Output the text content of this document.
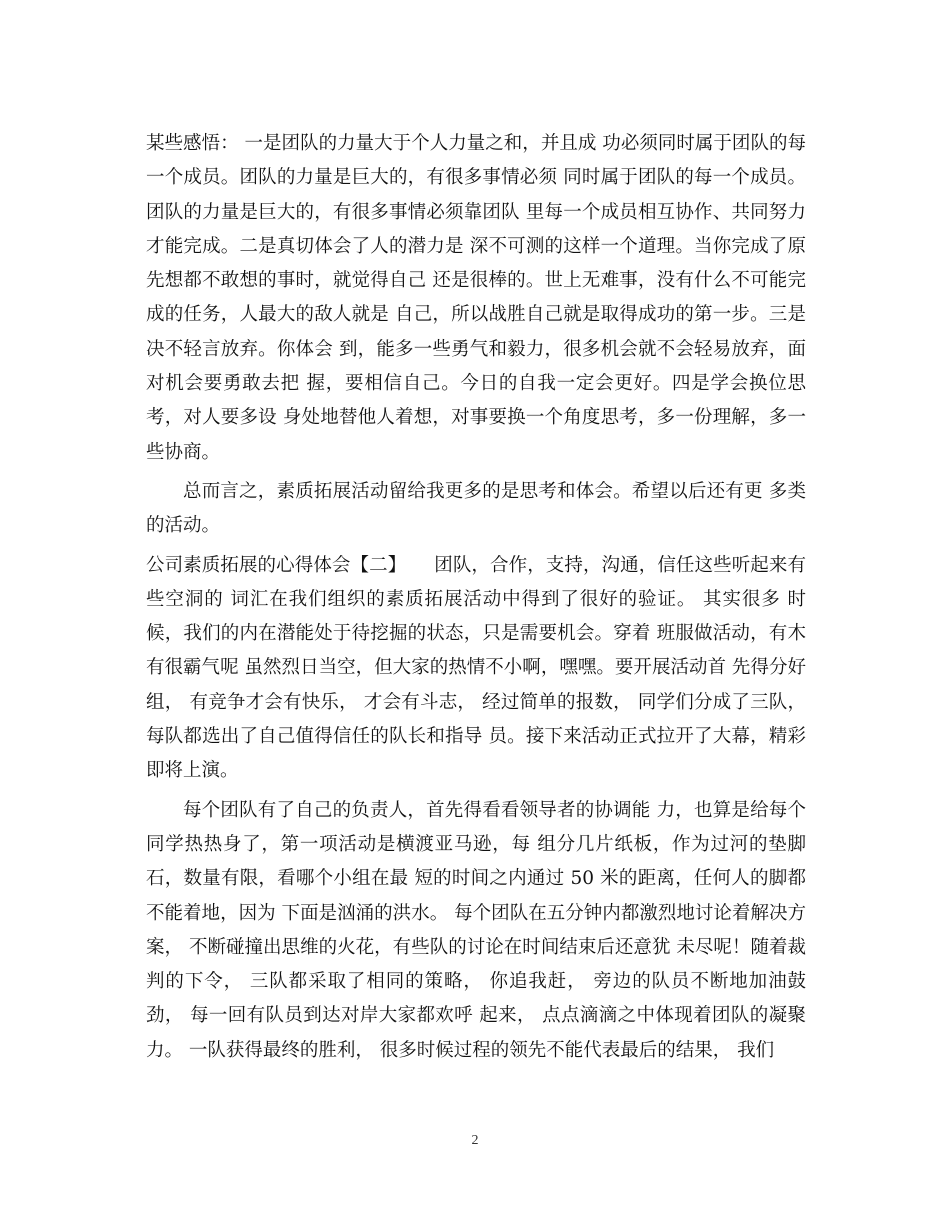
某些感悟： 一是团队的力量大于个人力量之和，并且成 功必须同时属于团队的每一个成员。团队的力量是巨大的，有很多事情必须 同时属于团队的每一个成员。团队的力量是巨大的，有很多事情必须靠团队 里每一个成员相互协作、共同努力才能完成。二是真切体会了人的潜力是 深不可测的这样一个道理。当你完成了原先想都不敢想的事时，就觉得自己 还是很棒的。世上无难事，没有什么不可能完成的任务，人最大的敌人就是 自己，所以战胜自己就是取得成功的第一步。三是决不轻言放弃。你体会 到，能多一些勇气和毅力，很多机会就不会轻易放弃，面对机会要勇敢去把 握，要相信自己。今日的自我一定会更好。四是学会换位思考，对人要多设 身处地替他人着想，对事要换一个角度思考，多一份理解，多一些协商。

总而言之，素质拓展活动留给我更多的是思考和体会。希望以后还有更 多类的活动。

公司素质拓展的心得体会【二】　　团队，合作，支持，沟通，信任这些听起来有些空洞的 词汇在我们组织的素质拓展活动中得到了很好的验证。 其实很多 时候，我们的内在潜能处于待挖掘的状态，只是需要机会。穿着 班服做活动，有木有很霸气呢 虽然烈日当空，但大家的热情不小啊，嘿嘿。要开展活动首 先得分好组， 有竞争才会有快乐， 才会有斗志， 经过简单的报数， 同学们分成了三队，每队都选出了自己值得信任的队长和指导 员。接下来活动正式拉开了大幕，精彩即将上演。

每个团队有了自己的负责人，首先得看看领导者的协调能 力，也算是给每个同学热热身了，第一项活动是横渡亚马逊，每 组分几片纸板，作为过河的垫脚石，数量有限，看哪个小组在最 短的时间之内通过 50 米的距离，任何人的脚都不能着地，因为 下面是汹涌的洪水。 每个团队在五分钟内都激烈地讨论着解决方 案， 不断碰撞出思维的火花，有些队的讨论在时间结束后还意犹 未尽呢！随着裁判的下令， 三队都采取了相同的策略， 你追我赶， 旁边的队员不断地加油鼓劲， 每一回有队员到达对岸大家都欢呼 起来， 点点滴滴之中体现着团队的凝聚力。 一队获得最终的胜利， 很多时候过程的领先不能代表最后的结果， 我们

2
